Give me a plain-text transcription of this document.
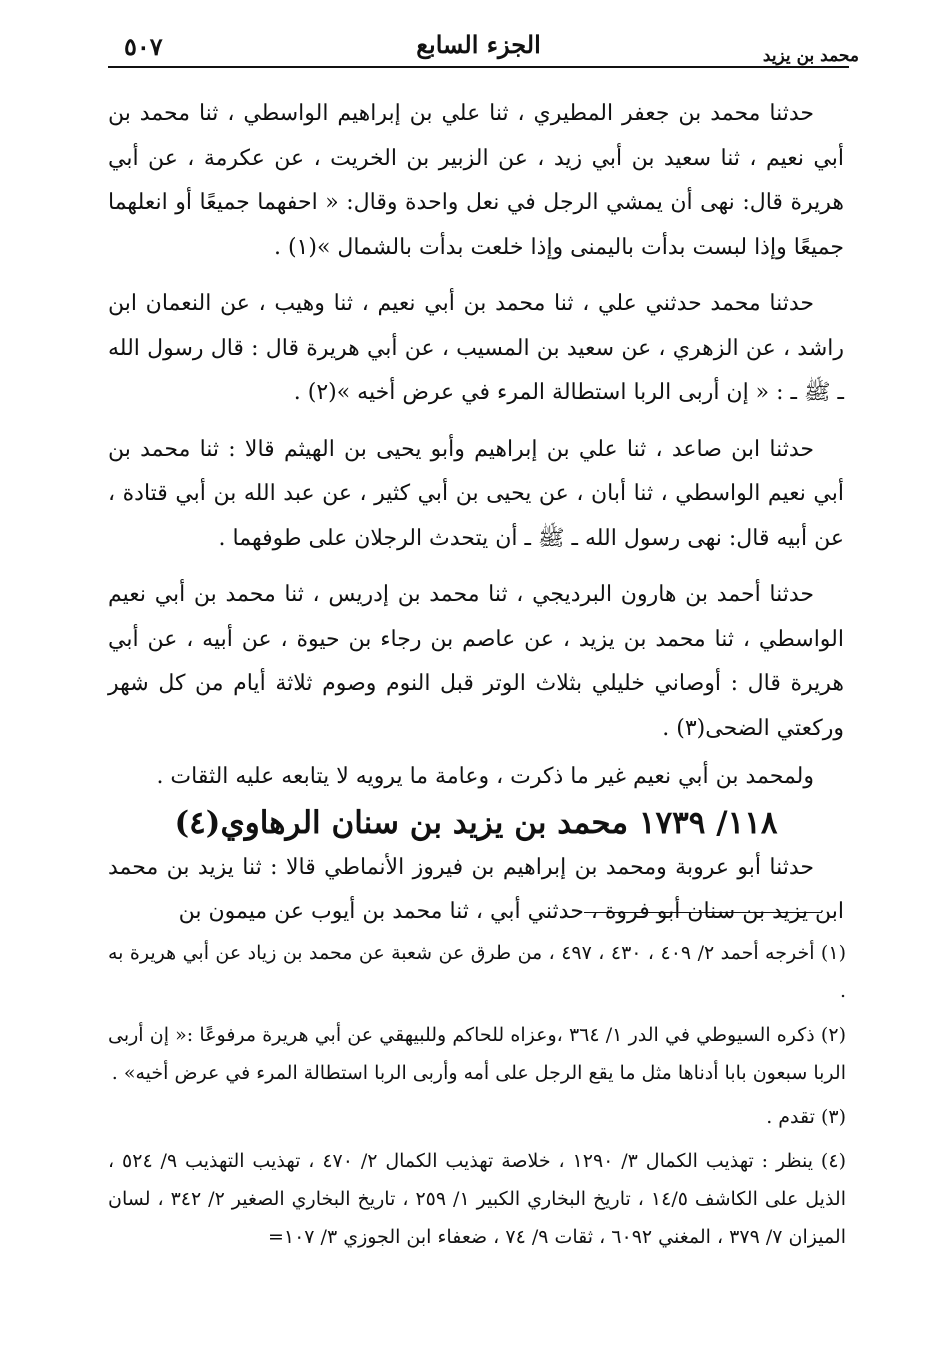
٥٠٧	الجزء السابع	محمد بن يزيد

حدثنا محمد بن جعفر المطيري ، ثنا علي بن إبراهيم الواسطي ، ثنا محمد بن أبي نعيم ، ثنا سعيد بن أبي زيد ، عن الزبير بن الخريت ، عن عكرمة ، عن أبي هريرة قال: نهى أن يمشي الرجل في نعل واحدة وقال: « احفهما جميعًا أو انعلهما جميعًا وإذا لبست بدأت باليمنى وإذا خلعت بدأت بالشمال »(١) .

حدثنا محمد حدثني علي ، ثنا محمد بن أبي نعيم ، ثنا وهيب ، عن النعمان ابن راشد ، عن الزهري ، عن سعيد بن المسيب ، عن أبي هريرة قال : قال رسول الله ـ ﷺ ـ : « إن أربى الربا استطالة المرء في عرض أخيه »(٢) .

حدثنا ابن صاعد ، ثنا علي بن إبراهيم وأبو يحيى بن الهيثم قالا : ثنا محمد بن أبي نعيم الواسطي ، ثنا أبان ، عن يحيى بن أبي كثير ، عن عبد الله بن أبي قتادة ، عن أبيه قال: نهى رسول الله ـ ﷺ ـ أن يتحدث الرجلان على طوفهما .

حدثنا أحمد بن هارون البرديجي ، ثنا محمد بن إدريس ، ثنا محمد بن أبي نعيم الواسطي ، ثنا محمد بن يزيد ، عن عاصم بن رجاء بن حيوة ، عن أبيه ، عن أبي هريرة قال : أوصاني خليلي بثلاث الوتر قبل النوم وصوم ثلاثة أيام من كل شهر وركعتي الضحى(٣) .

ولمحمد بن أبي نعيم غير ما ذكرت ، وعامة ما يرويه لا يتابعه عليه الثقات .

١١٨/ ١٧٣٩ محمد بن يزيد بن سنان الرهاوي(٤)

حدثنا أبو عروبة ومحمد بن إبراهيم بن فيروز الأنماطي قالا : ثنا يزيد بن محمد ابن يزيد بن سنان أبو فروة ، حدثني أبي ، ثنا محمد بن أيوب عن ميمون بن

(١) أخرجه أحمد ٢/ ٤٠٩ ، ٤٣٠ ، ٤٩٧ ، من طرق عن شعبة عن محمد بن زياد عن أبي هريرة به .

(٢) ذكره السيوطي في الدر ١/ ٣٦٤ ،وعزاه للحاكم وللبيهقي عن أبي هريرة مرفوعًا :« إن أربى الربا سبعون بابا أدناها مثل ما يقع الرجل على أمه وأربى الربا استطالة المرء في عرض أخيه» .

(٣) تقدم .

(٤) ينظر : تهذيب الكمال ٣/ ١٢٩٠ ، خلاصة تهذيب الكمال ٢/ ٤٧٠ ، تهذيب التهذيب ٩/ ٥٢٤ ، الذيل على الكاشف ١٤/٥ ، تاريخ البخاري الكبير ١/ ٢٥٩ ، تاريخ البخاري الصغير ٢/ ٣٤٢ ، لسان الميزان ٧/ ٣٧٩ ، المغني ٦٠٩٢ ، ثقات ٩/ ٧٤ ، ضعفاء ابن الجوزي ٣/ ١٠٧=
